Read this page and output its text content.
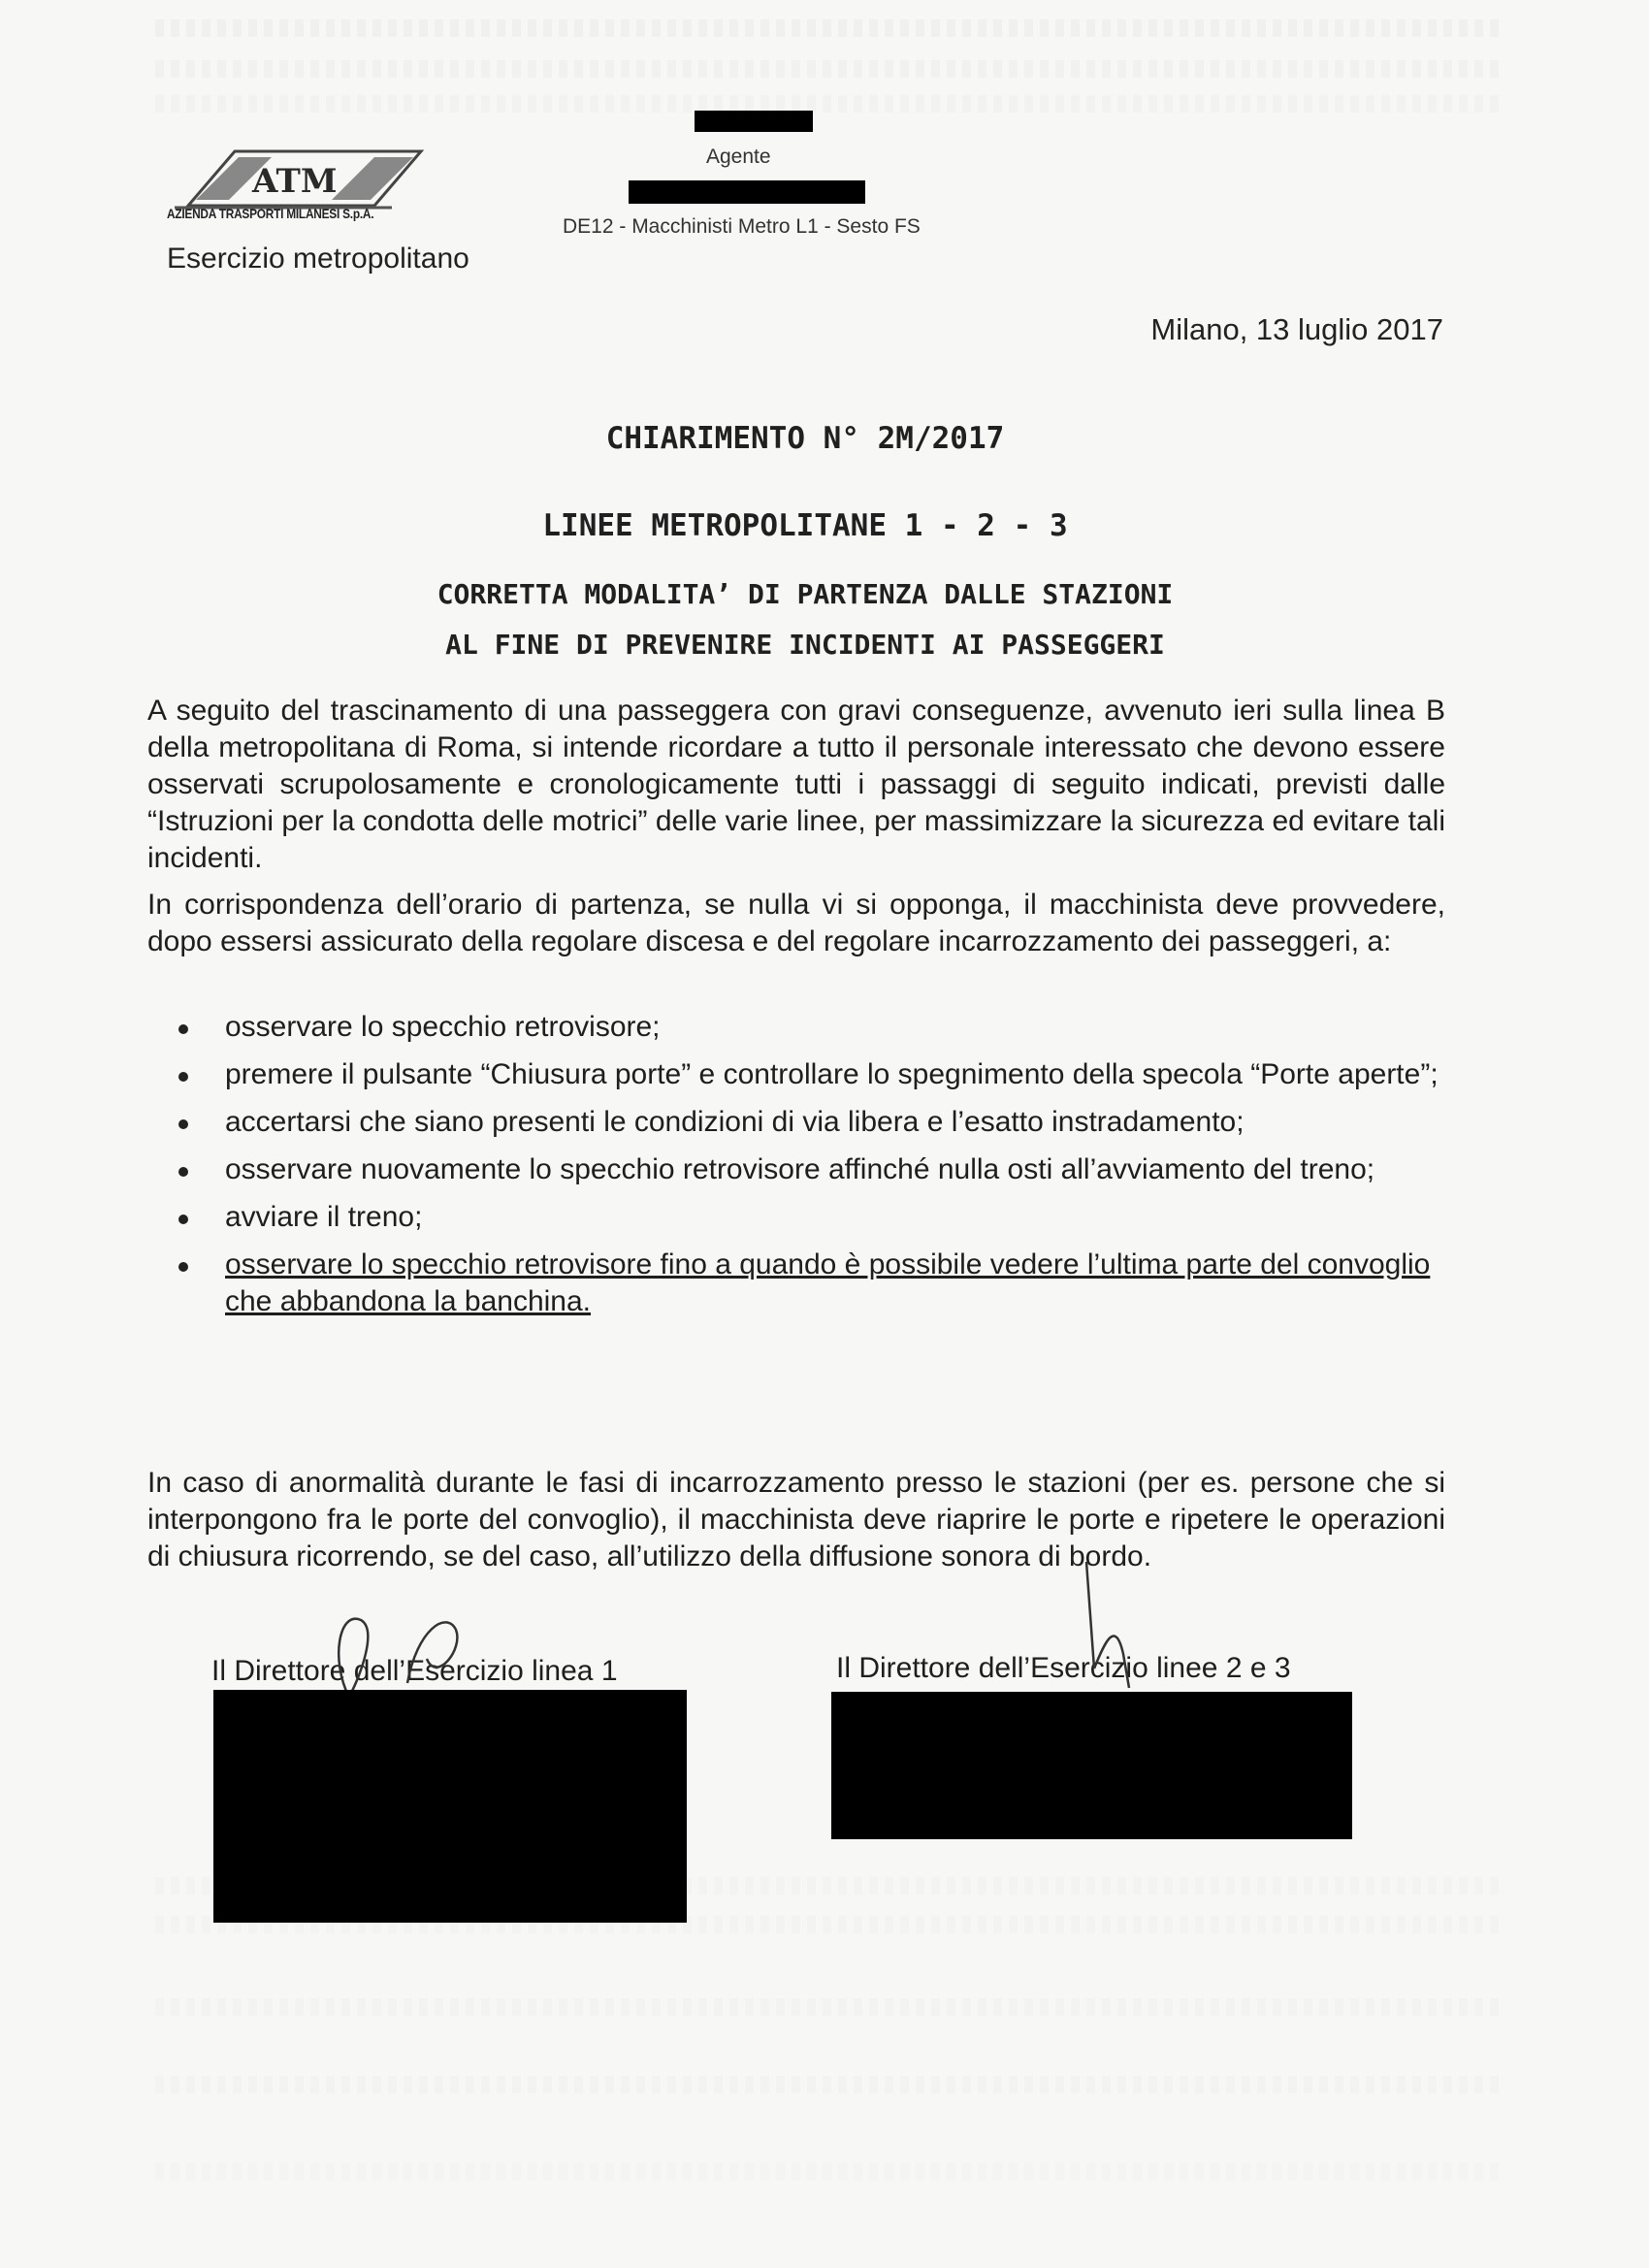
ATM
AZIENDA TRASPORTI MILANESI S.p.A.
Esercizio metropolitano
Agente
DE12 - Macchinisti Metro L1 - Sesto FS
Milano, 13 luglio 2017
CHIARIMENTO N° 2M/2017
LINEE METROPOLITANE 1 - 2 - 3
CORRETTA MODALITA’ DI PARTENZA DALLE STAZIONI
AL FINE DI PREVENIRE INCIDENTI AI PASSEGGERI
A seguito del trascinamento di una passeggera con gravi conseguenze, avvenuto ieri sulla linea B della metropolitana di Roma, si intende ricordare a tutto il personale interessato che devono essere osservati scrupolosamente e cronologicamente tutti i passaggi di seguito indicati, previsti dalle “Istruzioni per la condotta delle motrici” delle varie linee, per massimizzare la sicurezza ed evitare tali incidenti.
In corrispondenza dell’orario di partenza, se nulla vi si opponga, il macchinista deve provvedere, dopo essersi assicurato della regolare discesa e del regolare incarrozzamento dei passeggeri, a:
osservare lo specchio retrovisore;
premere il pulsante “Chiusura porte” e controllare lo spegnimento della specola “Porte aperte”;
accertarsi che siano presenti le condizioni di via libera e l’esatto instradamento;
osservare nuovamente lo specchio retrovisore affinché nulla osti all’avviamento del treno;
avviare il treno;
osservare lo specchio retrovisore fino a quando è possibile vedere l’ultima parte del convoglio che abbandona la banchina.
In caso di anormalità durante le fasi di incarrozzamento presso le stazioni (per es. persone che si interpongono fra le porte del convoglio), il macchinista deve riaprire le porte e ripetere le operazioni di chiusura ricorrendo, se del caso, all’utilizzo della diffusione sonora di bordo.
Il Direttore dell’Esercizio linea 1	Il Direttore dell’Esercizio linee 2 e 3
